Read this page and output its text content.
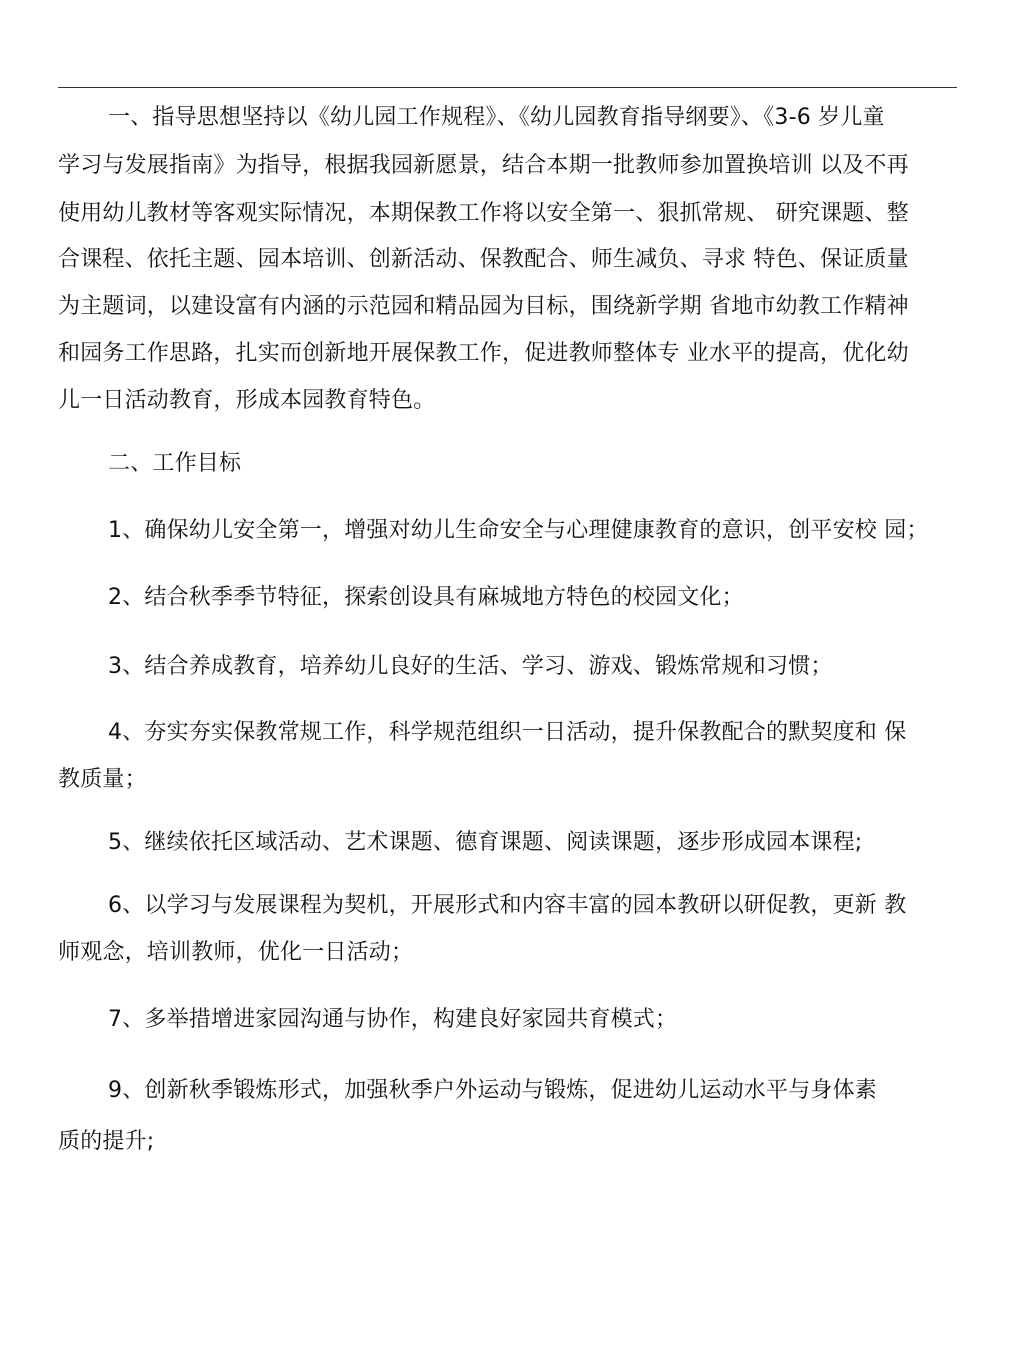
一、指导思想坚持以《幼儿园工作规程》、《幼儿园教育指导纲要》、《3-6 岁儿童
学习与发展指南》为指导，根据我园新愿景，结合本期一批教师参加置换培训 以及不再
使用幼儿教材等客观实际情况，本期保教工作将以安全第一、狠抓常规、 研究课题、整
合课程、依托主题、园本培训、创新活动、保教配合、师生减负、寻求 特色、保证质量
为主题词，以建设富有内涵的示范园和精品园为目标，围绕新学期 省地市幼教工作精神
和园务工作思路，扎实而创新地开展保教工作，促进教师整体专 业水平的提高，优化幼
儿一日活动教育，形成本园教育特色。
二、工作目标
1、确保幼儿安全第一，增强对幼儿生命安全与心理健康教育的意识，创平安校 园；
2、结合秋季季节特征，探索创设具有麻城地方特色的校园文化；
3、结合养成教育，培养幼儿良好的生活、学习、游戏、锻炼常规和习惯；
4、夯实夯实保教常规工作，科学规范组织一日活动，提升保教配合的默契度和 保
教质量；
5、继续依托区域活动、艺术课题、德育课题、阅读课题，逐步形成园本课程;
6、以学习与发展课程为契机，开展形式和内容丰富的园本教研以研促教，更新 教
师观念，培训教师，优化一日活动；
7、多举措增进家园沟通与协作，构建良好家园共育模式；
9、创新秋季锻炼形式，加强秋季户外运动与锻炼，促进幼儿运动水平与身体素
质的提升;
